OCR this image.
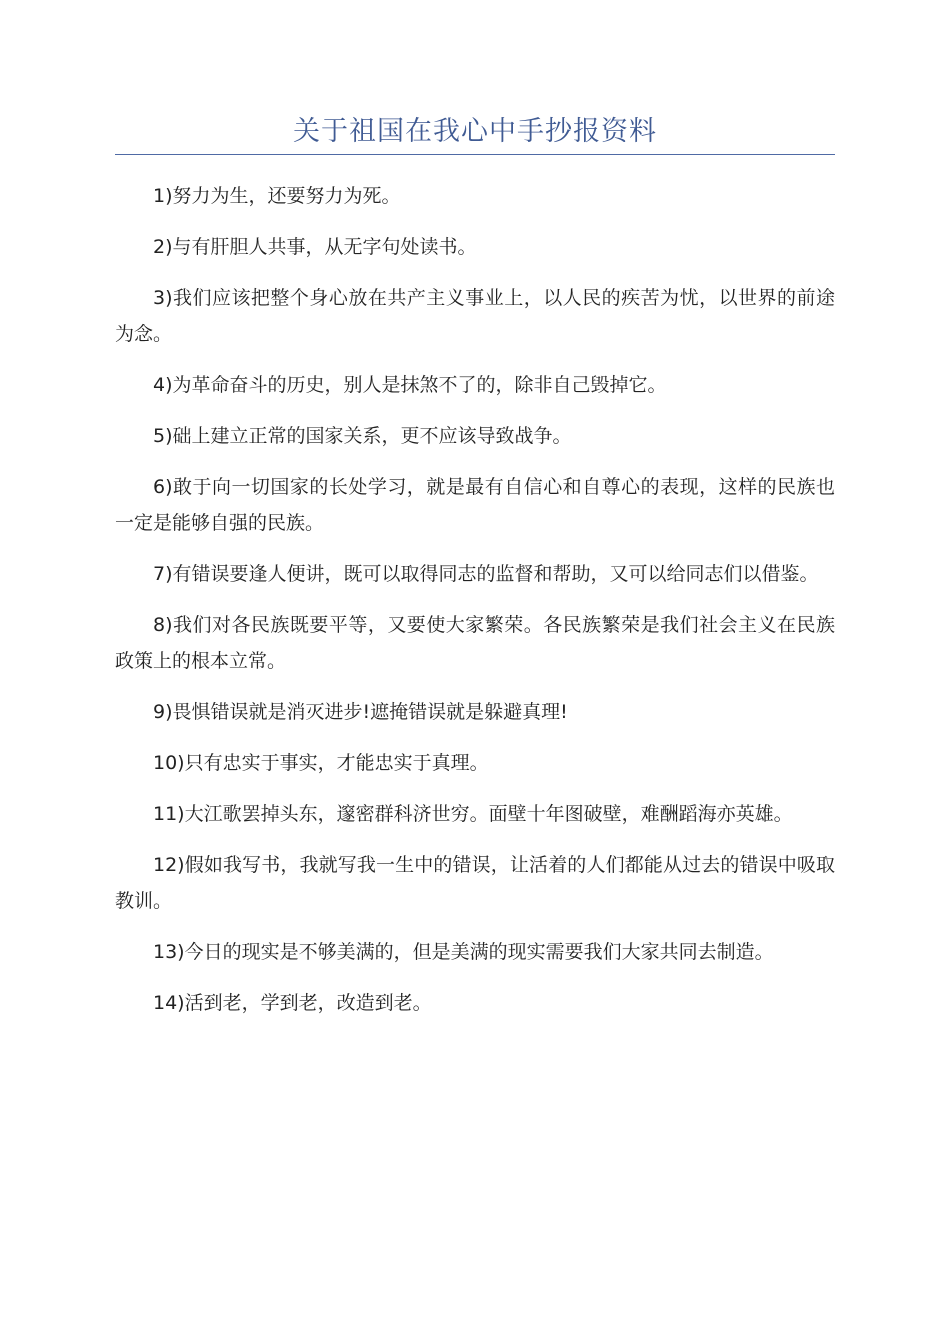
关于祖国在我心中手抄报资料

1)努力为生，还要努力为死。

2)与有肝胆人共事，从无字句处读书。

3)我们应该把整个身心放在共产主义事业上，以人民的疾苦为忧，以世界的前途为念。

4)为革命奋斗的历史，别人是抹煞不了的，除非自己毁掉它。

5)础上建立正常的国家关系，更不应该导致战争。

6)敢于向一切国家的长处学习，就是最有自信心和自尊心的表现，这样的民族也一定是能够自强的民族。

7)有错误要逢人便讲，既可以取得同志的监督和帮助，又可以给同志们以借鉴。

8)我们对各民族既要平等，又要使大家繁荣。各民族繁荣是我们社会主义在民族政策上的根本立常。

9)畏惧错误就是消灭进步!遮掩错误就是躲避真理!

10)只有忠实于事实，才能忠实于真理。

11)大江歌罢掉头东，邃密群科济世穷。面壁十年图破壁，难酬蹈海亦英雄。

12)假如我写书，我就写我一生中的错误，让活着的人们都能从过去的错误中吸取教训。

13)今日的现实是不够美满的，但是美满的现实需要我们大家共同去制造。

14)活到老，学到老，改造到老。
